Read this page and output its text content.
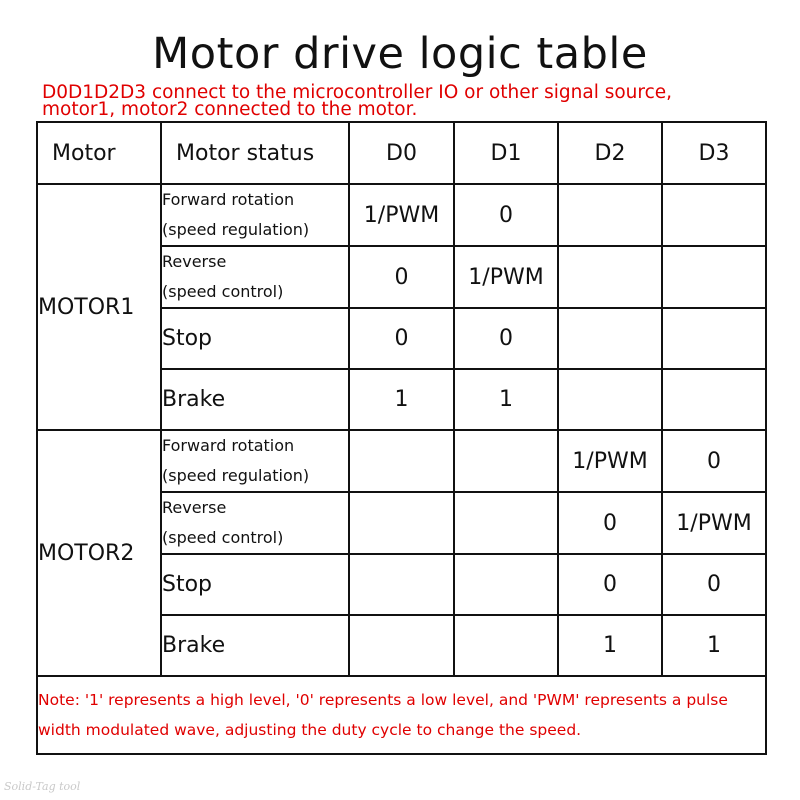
Motor drive logic table
D0D1D2D3 connect to the microcontroller IO or other signal source,
motor1, motor2 connected to the motor.
Motor	Motor status	D0	D1	D2	D3
MOTOR1	Forward rotation
(speed regulation)	1/PWM	0		

	Reverse
(speed control)	0	1/PWM		
	Stop	0	0		
	Brake	1	1		
MOTOR2	Forward rotation
(speed regulation)			1/PWM	0

	Reverse
(speed control)			0	1/PWM
	Stop			0	0
	Brake			1	1

Note: '1' represents a high level, '0' represents a low level, and 'PWM' represents a pulse
width modulated wave, adjusting the duty cycle to change the speed.					
Solid-Tag tool
